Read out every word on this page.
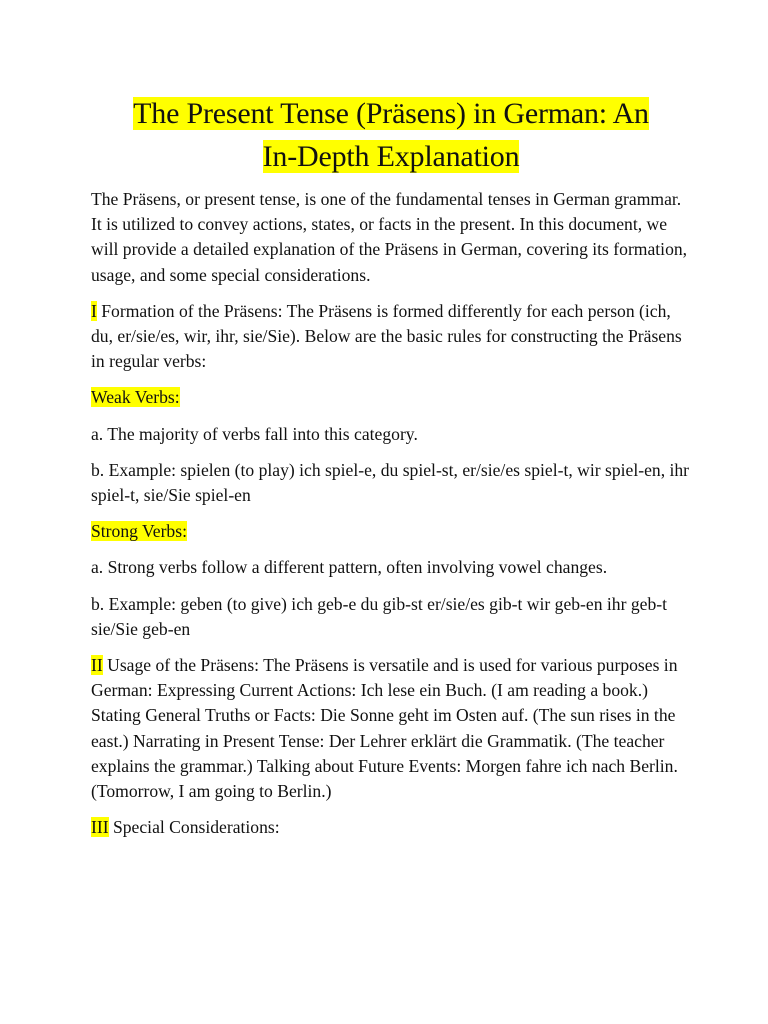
The Present Tense (Präsens) in German: An
In-Depth Explanation

The Präsens, or present tense, is one of the fundamental tenses in German grammar. It is utilized to convey actions, states, or facts in the present. In this document, we will provide a detailed explanation of the Präsens in German, covering its formation, usage, and some special considerations.

I Formation of the Präsens: The Präsens is formed differently for each person (ich, du, er/sie/es, wir, ihr, sie/Sie). Below are the basic rules for constructing the Präsens in regular verbs:

Weak Verbs:

a. The majority of verbs fall into this category.

b. Example: spielen (to play) ich spiel-e, du spiel-st, er/sie/es spiel-t, wir spiel-en, ihr spiel-t, sie/Sie spiel-en

Strong Verbs:

a. Strong verbs follow a different pattern, often involving vowel changes.

b. Example: geben (to give) ich geb-e du gib-st er/sie/es gib-t wir geb-en ihr geb-t sie/Sie geb-en

II Usage of the Präsens: The Präsens is versatile and is used for various purposes in German: Expressing Current Actions: Ich lese ein Buch. (I am reading a book.) Stating General Truths or Facts: Die Sonne geht im Osten auf. (The sun rises in the east.) Narrating in Present Tense: Der Lehrer erklärt die Grammatik. (The teacher explains the grammar.) Talking about Future Events: Morgen fahre ich nach Berlin. (Tomorrow, I am going to Berlin.)

III Special Considerations:
